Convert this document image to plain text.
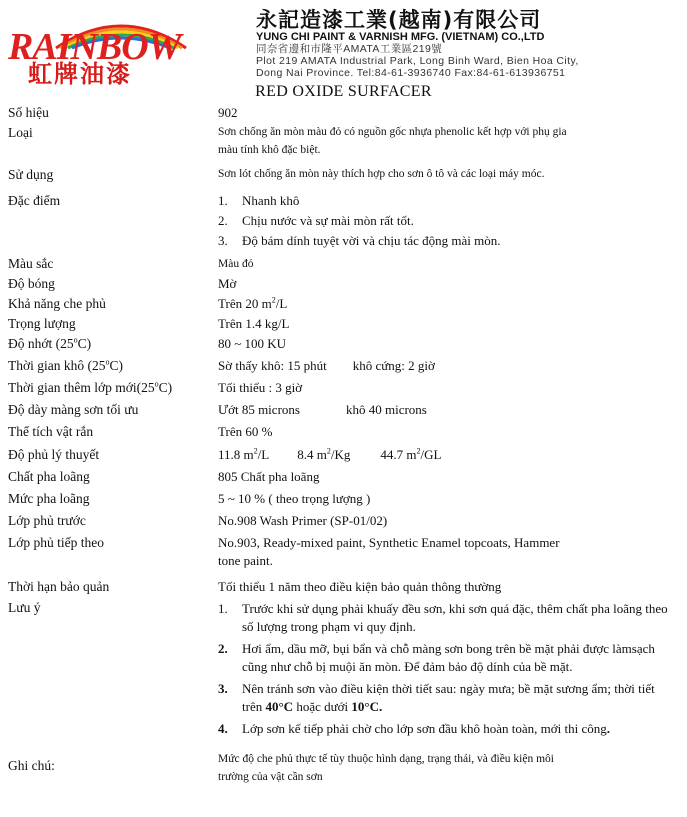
RAINBOW
虹牌油漆
永記造漆工業(越南)有限公司
YUNG CHI PAINT & VARNISH MFG. (VIETNAM) CO.,LTD
同奈省邊和市隆平AMATA工業區219號
Plot 219 AMATA Industrial Park, Long Binh Ward, Bien Hoa City,
Dong Nai Province. Tel:84-61-3936740 Fax:84-61-613936751
RED OXIDE SURFACER
Số hiệu	902
Loại	Sơn chống ăn mòn màu đỏ có nguồn gốc nhựa phenolic kết hợp với phụ gia
màu tính khô đặc biệt.
Sử dụng	Sơn lót chống ăn mòn này thích hợp cho sơn ô tô và các loại máy móc.
Đặc điểm	1. Nhanh khô
2. Chịu nước và sự mài mòn rất tốt.
3. Độ bám dính tuyệt vời và chịu tác động mài mòn.
Màu sắc	Màu đỏ
Độ bóng	Mờ
Khả năng che phủ	Trên 20 $m^2/L$
Trọng lượng	Trên 1.4 kg/L
Độ nhớt (25$^o$C)	80 ~ 100 KU
Thời gian khô (25$^o$C)	Sờ thấy khô: 15 phút khô cứng: 2 giờ
Thời gian thêm lớp mới(25$^o$C)	Tối thiểu : 3 giờ
Độ dày màng sơn tối ưu	Ướt 85 microns	khô 40 microns
Thể tích vật rắn	Trên 60 %
Độ phủ lý thuyết	11.8 $m^2/L$ 8.4 $m^2/Kg$ 44.7 $m^2/GL$
Chất pha loãng	805 Chất pha loãng
Mức pha loãng	5 ~ 10 % ( theo trọng lượng )
Lớp phủ trước	No.908 Wash Primer (SP-01/02)
Lớp phủ tiếp theo	No.903, Ready-mixed paint, Synthetic Enamel topcoats, Hammer
tone paint.
Thời hạn bảo quản	Tối thiểu 1 năm theo điều kiện bảo quản thông thường
Lưu ý	1. Trước khi sử dụng phải khuấy đều sơn, khi sơn quá đặc, thêm chất pha loãng theo số lượng trong phạm vi quy định.
2. Hơi ẩm, dầu mỡ, bụi bẩn và chỗ màng sơn bong trên bề mặt phải được làmsạch cũng như chỗ bị muội ăn mòn. Để đảm bảo độ dính của bề mặt.
3. Nên tránh sơn vào điều kiện thời tiết sau: ngày mưa; bề mặt sương ẩm; thời tiết trên 40°C hoặc dưới 10°C.
4. Lớp sơn kế tiếp phải chờ cho lớp sơn đầu khô hoàn toàn, mới thi công.
Ghi chú:	Mức độ che phủ thực tế tùy thuộc hình dạng, trạng thái, và điều kiện môi
trường của vật cần sơn
